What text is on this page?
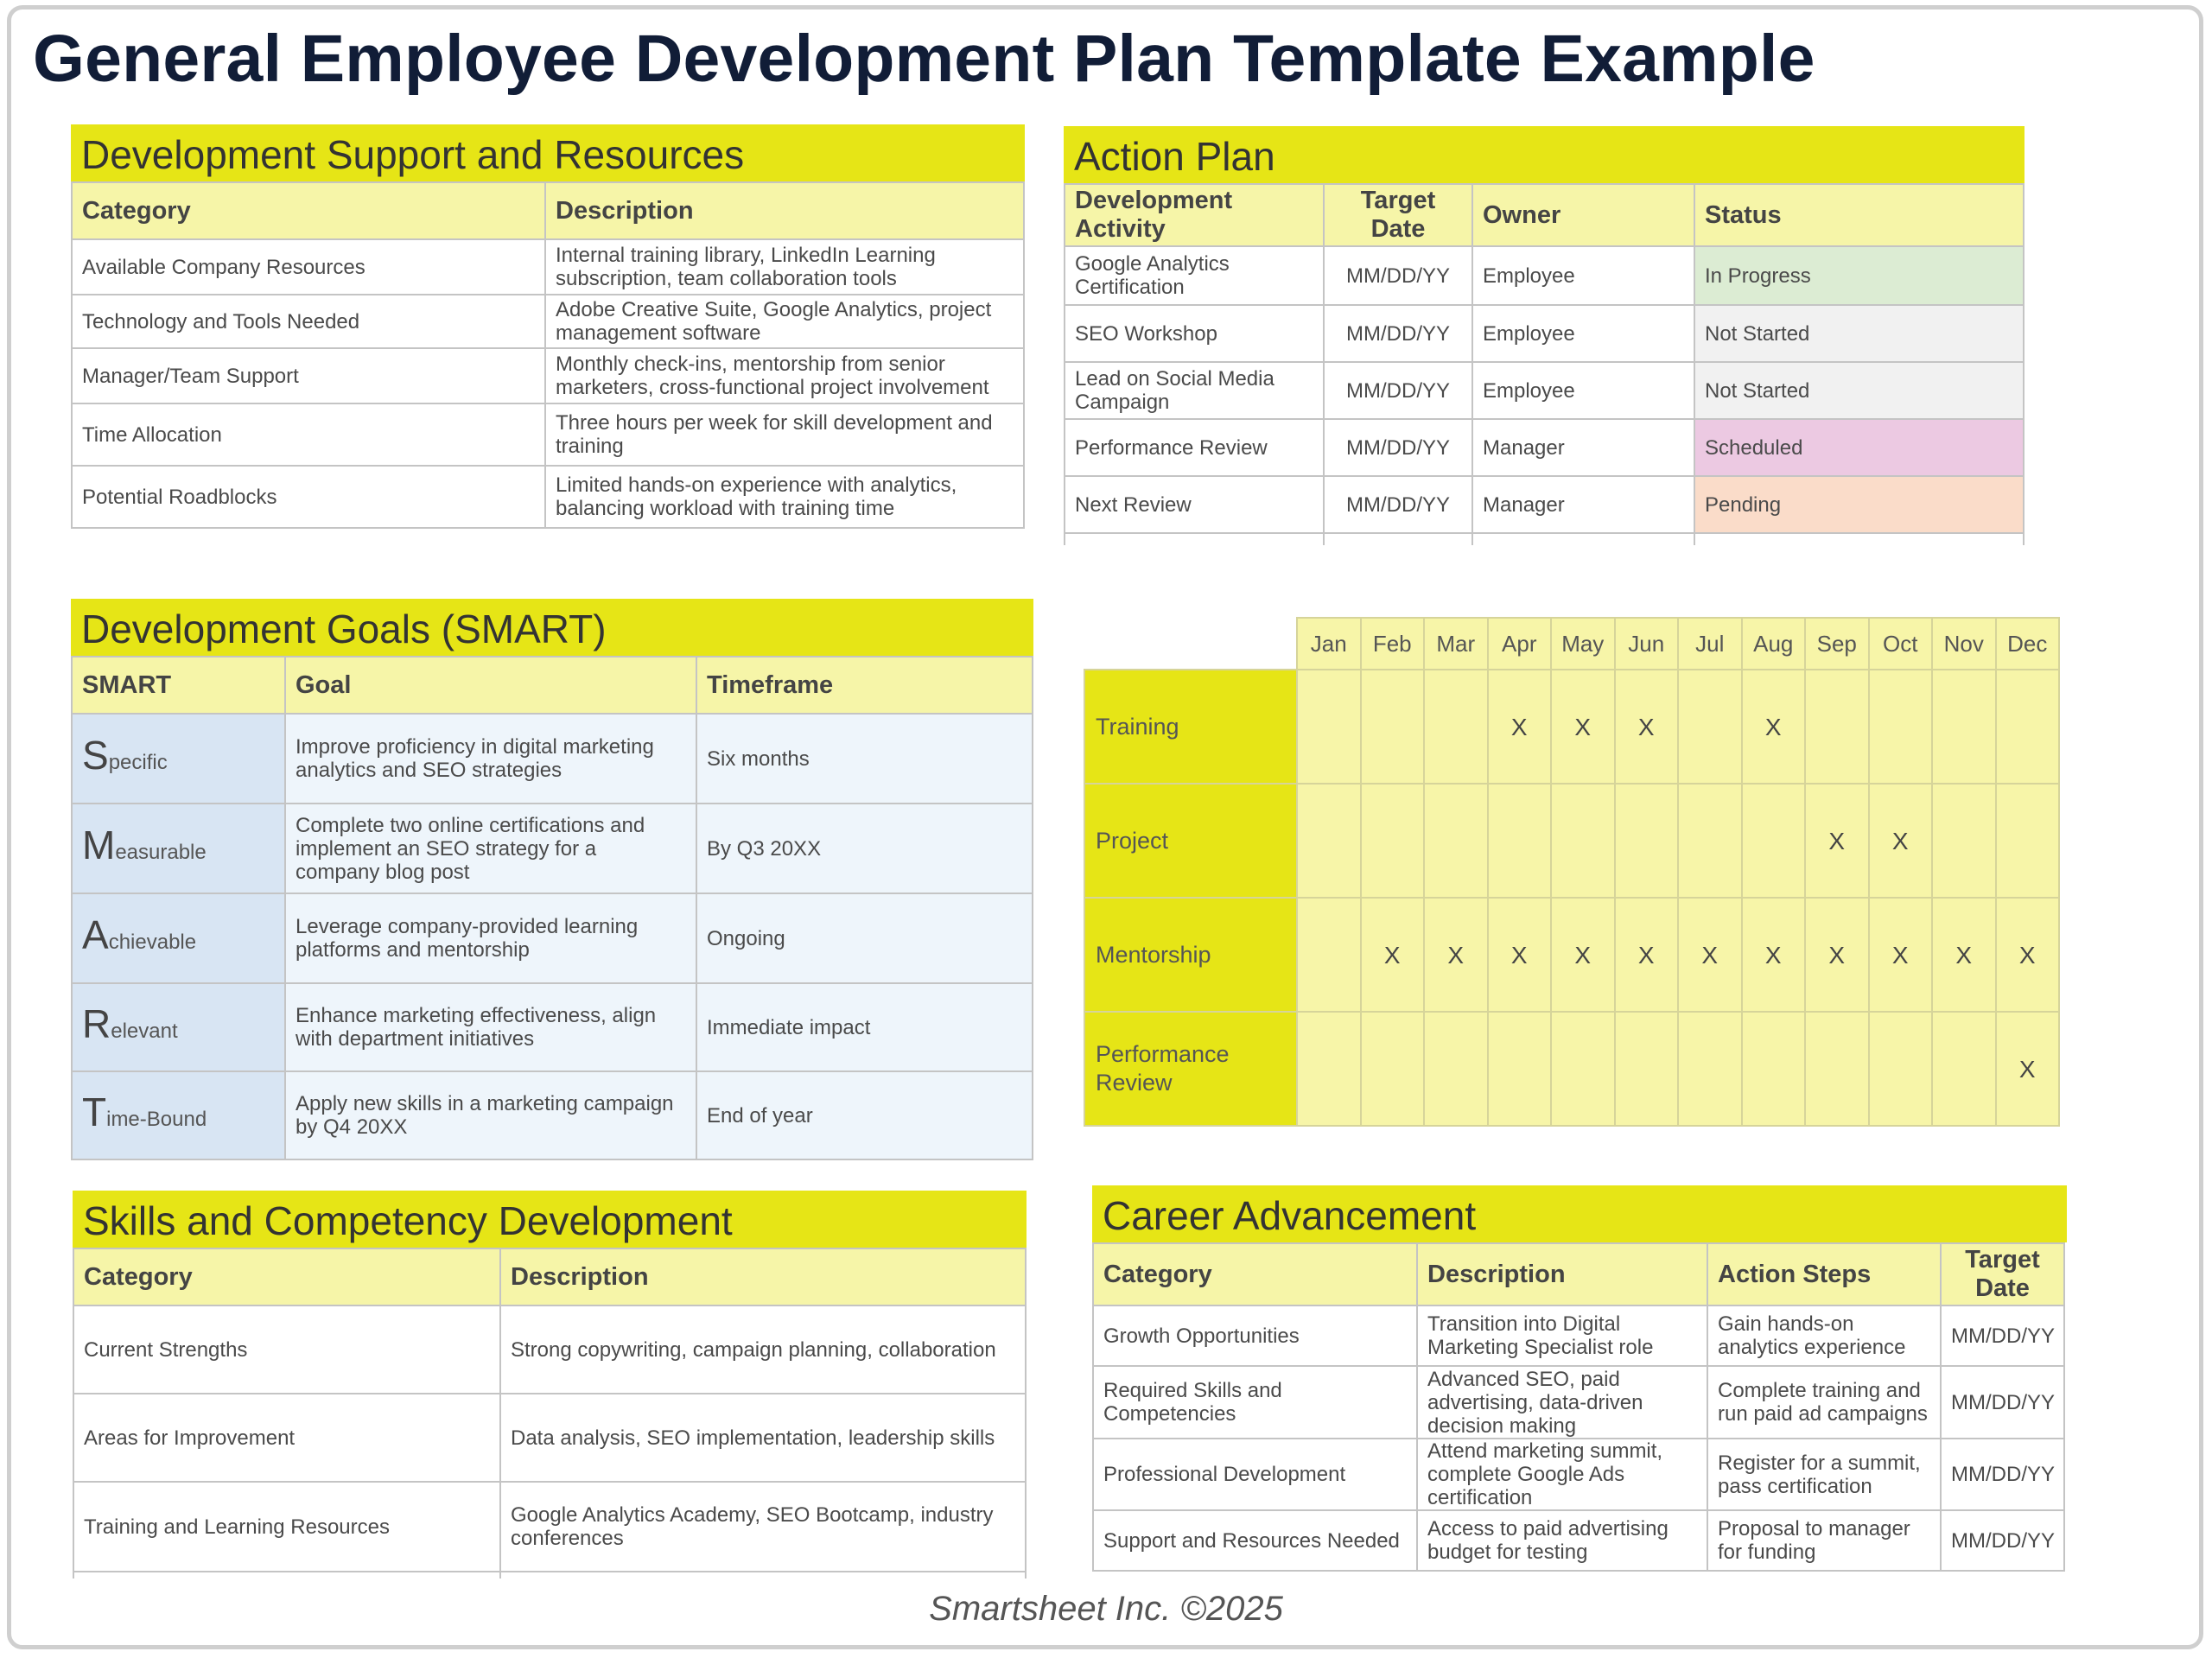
General Employee Development Plan Template Example
Development Support and Resources
Category	Description
Available Company Resources	Internal training library, LinkedIn Learning subscription, team collaboration tools
Technology and Tools Needed	Adobe Creative Suite, Google Analytics, project management software
Manager/Team Support	Monthly check-ins, mentorship from senior marketers, cross-functional project involvement
Time Allocation	Three hours per week for skill development and training
Potential Roadblocks	Limited hands-on experience with analytics, balancing workload with training time
Action Plan
Development Activity	Target Date	Owner	Status
Google Analytics Certification	MM/DD/YY	Employee	In Progress
SEO Workshop	MM/DD/YY	Employee	Not Started
Lead on Social Media Campaign	MM/DD/YY	Employee	Not Started
Performance Review	MM/DD/YY	Manager	Scheduled
Next Review	MM/DD/YY	Manager	Pending

Development Goals (SMART)
SMART	Goal	Timeframe
Specific	Improve proficiency in digital marketing analytics and SEO strategies	Six months
Measurable	Complete two online certifications and implement an SEO strategy for a company blog post	By Q3 20XX
Achievable	Leverage company-provided learning platforms and mentorship	Ongoing
Relevant	Enhance marketing effectiveness, align with department initiatives	Immediate impact
Time-Bound	Apply new skills in a marketing campaign by Q4 20XX	End of year
	Jan	Feb	Mar	Apr	May	Jun	Jul	Aug	Sep	Oct	Nov	Dec
Training				X	X	X		X				
Project									X	X		
Mentorship		X	X	X	X	X	X	X	X	X	X	X
Performance Review												X
Skills and Competency Development
Category	Description
Current Strengths	Strong copywriting, campaign planning, collaboration
Areas for Improvement	Data analysis, SEO implementation, leadership skills
Training and Learning Resources	Google Analytics Academy, SEO Bootcamp, industry conferences

Career Advancement
Category	Description	Action Steps	Target Date
Growth Opportunities	Transition into Digital Marketing Specialist role	Gain hands-on analytics experience	MM/DD/YY
Required Skills and Competencies	Advanced SEO, paid advertising, data-driven decision making	Complete training and run paid ad campaigns	MM/DD/YY
Professional Development	Attend marketing summit, complete Google Ads certification	Register for a summit, pass certification	MM/DD/YY
Support and Resources Needed	Access to paid advertising budget for testing	Proposal to manager for funding	MM/DD/YY
Smartsheet Inc. ©2025
